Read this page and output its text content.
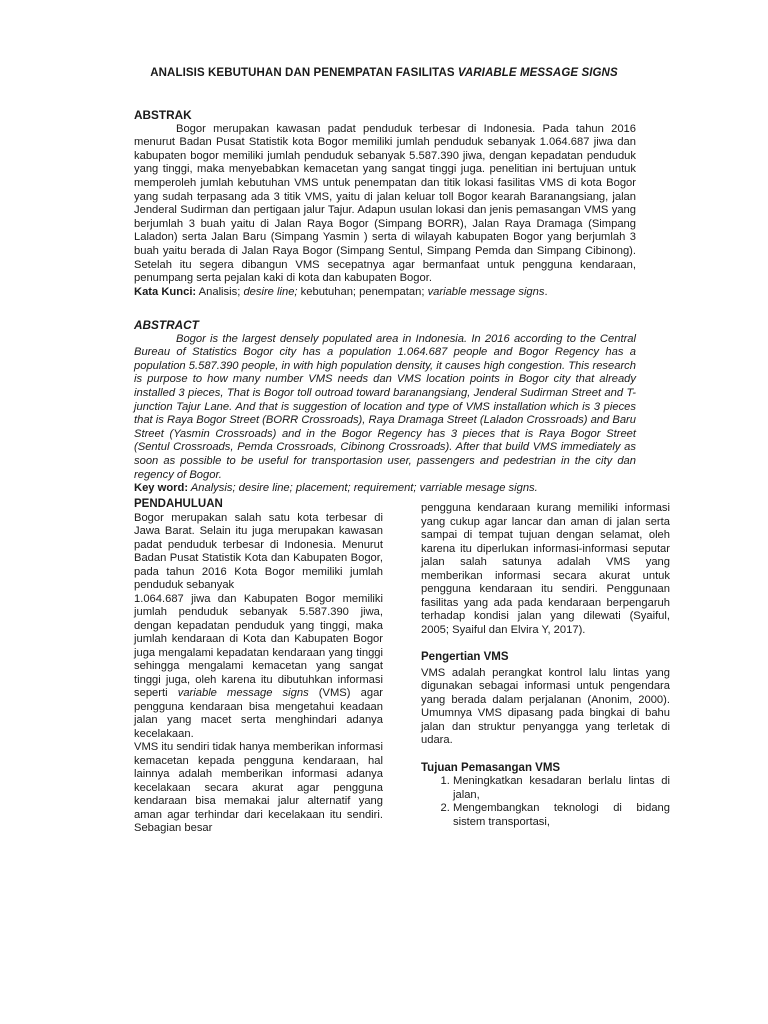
ANALISIS KEBUTUHAN DAN PENEMPATAN FASILITAS VARIABLE MESSAGE SIGNS
ABSTRAK

Bogor merupakan kawasan padat penduduk terbesar di Indonesia. Pada tahun 2016 menurut Badan Pusat Statistik kota Bogor memiliki jumlah penduduk sebanyak 1.064.687 jiwa dan kabupaten bogor memiliki jumlah penduduk sebanyak 5.587.390 jiwa, dengan kepadatan penduduk yang tinggi, maka menyebabkan kemacetan yang sangat tinggi juga. penelitian ini bertujuan untuk memperoleh jumlah kebutuhan VMS untuk penempatan dan titik lokasi fasilitas VMS di kota Bogor yang sudah terpasang ada 3 titik VMS, yaitu di jalan keluar toll Bogor kearah Baranangsiang, jalan Jenderal Sudirman dan pertigaan jalur Tajur. Adapun usulan lokasi dan jenis pemasangan VMS yang berjumlah 3 buah yaitu di Jalan Raya Bogor (Simpang BORR), Jalan Raya Dramaga (Simpang Laladon) serta Jalan Baru (Simpang Yasmin ) serta di wilayah kabupaten Bogor yang berjumlah 3 buah yaitu berada di Jalan Raya Bogor (Simpang Sentul, Simpang Pemda dan Simpang Cibinong). Setelah itu segera dibangun VMS secepatnya agar bermanfaat untuk pengguna kendaraan, penumpang serta pejalan kaki di kota dan kabupaten Bogor.

Kata Kunci: Analisis; desire line; kebutuhan; penempatan; variable message signs.

ABSTRACT

Bogor is the largest densely populated area in Indonesia. In 2016 according to the Central Bureau of Statistics Bogor city has a population 1.064.687 people and Bogor Regency has a population 5.587.390 people, in with high population density, it causes high congestion. This research is purpose to how many number VMS needs dan VMS location points in Bogor city that already installed 3 pieces, That is Bogor toll outroad toward baranangsiang, Jenderal Sudirman Street and T-junction Tajur Lane. And that is suggestion of location and type of VMS installation which is 3 pieces that is Raya Bogor Street (BORR Crossroads), Raya Dramaga Street (Laladon Crossroads) and Baru Street (Yasmin Crossroads) and in the Bogor Regency has 3 pieces that is Raya Bogor Street (Sentul Crossroads, Pemda Crossroads, Cibinong Crossroads). After that build VMS immediately as soon as possible to be useful for transportasion user, passengers and pedestrian in the city dan regency of Bogor.

Key word: Analysis; desire line; placement; requirement; varriable mesage signs.

PENDAHULUAN

Bogor merupakan salah satu kota terbesar di Jawa Barat. Selain itu juga merupakan kawasan padat penduduk terbesar di Indonesia. Menurut Badan Pusat Statistik Kota dan Kabupaten Bogor, pada tahun 2016 Kota Bogor memiliki jumlah penduduk sebanyak

1.064.687 jiwa dan Kabupaten Bogor memiliki jumlah penduduk sebanyak 5.587.390 jiwa, dengan kepadatan penduduk yang tinggi, maka jumlah kendaraan di Kota dan Kabupaten Bogor juga mengalami kepadatan kendaraan yang tinggi sehingga mengalami kemacetan yang sangat tinggi juga, oleh karena itu dibutuhkan informasi seperti variable message signs (VMS) agar pengguna kendaraan bisa mengetahui keadaan jalan yang macet serta menghindari adanya kecelakaan.

VMS itu sendiri tidak hanya memberikan informasi kemacetan kepada pengguna kendaraan, hal lainnya adalah memberikan informasi adanya kecelakaan secara akurat agar pengguna kendaraan bisa memakai jalur alternatif yang aman agar terhindar dari kecelakaan itu sendiri. Sebagian besar

pengguna kendaraan kurang memiliki informasi yang cukup agar lancar dan aman di jalan serta sampai di tempat tujuan dengan selamat, oleh karena itu diperlukan informasi-informasi seputar jalan salah satunya adalah VMS yang memberikan informasi secara akurat untuk pengguna kendaraan itu sendiri. Penggunaan fasilitas yang ada pada kendaraan berpengaruh terhadap kondisi jalan yang dilewati (Syaiful, 2005; Syaiful dan Elvira Y, 2017).

Pengertian VMS

VMS adalah perangkat kontrol lalu lintas yang digunakan sebagai informasi untuk pengendara yang berada dalam perjalanan (Anonim, 2000). Umumnya VMS dipasang pada bingkai di bahu jalan dan struktur penyangga yang terletak di udara.

Tujuan Pemasangan VMS
1. Meningkatkan kesadaran berlalu lintas di jalan,
2. Mengembangkan teknologi di bidang sistem transportasi,
